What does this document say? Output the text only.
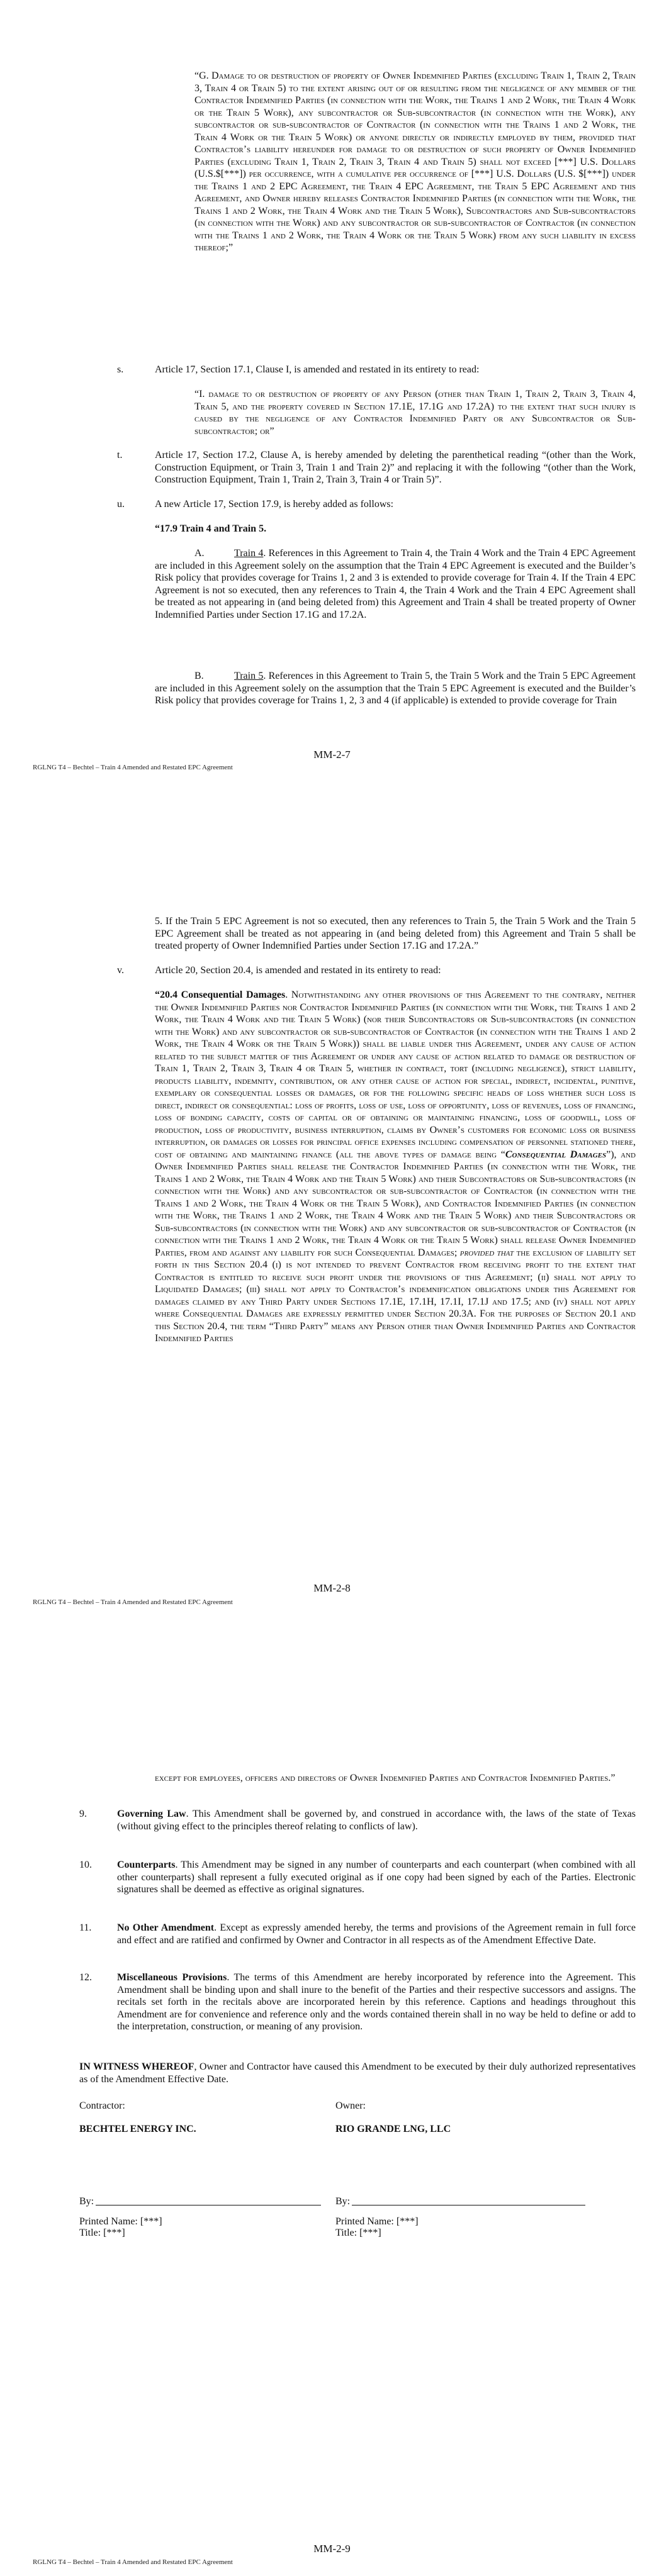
“G. Damage to or destruction of property of Owner Indemnified Parties (excluding Train 1, Train 2, Train 3, Train 4 or Train 5) to the extent arising out of or resulting from the negligence of any member of the Contractor Indemnified Parties (in connection with the Work, the Trains 1 and 2 Work, the Train 4 Work or the Train 5 Work), any subcontractor or Sub-subcontractor (in connection with the Work), any subcontractor or sub-subcontractor of Contractor (in connection with the Trains 1 and 2 Work, the Train 4 Work or the Train 5 Work) or anyone directly or indirectly employed by them, provided that Contractor’s liability hereunder for damage to or destruction of such property of Owner Indemnified Parties (excluding Train 1, Train 2, Train 3, Train 4 and Train 5) shall not exceed [***] U.S. Dollars (U.S.$[***]) per occurrence, with a cumulative per occurrence of [***] U.S. Dollars (U.S. $[***]) under the Trains 1 and 2 EPC Agreement, the Train 4 EPC Agreement, the Train 5 EPC Agreement and this Agreement, and Owner hereby releases Contractor Indemnified Parties (in connection with the Work, the Trains 1 and 2 Work, the Train 4 Work and the Train 5 Work), Subcontractors and Sub-subcontractors (in connection with the Work) and any subcontractor or sub-subcontractor of Contractor (in connection with the Trains 1 and 2 Work, the Train 4 Work or the Train 5 Work) from any such liability in excess thereof;”

s.	Article 17, Section 17.1, Clause I, is amended and restated in its entirety to read:

“I. damage to or destruction of property of any Person (other than Train 1, Train 2, Train 3, Train 4, Train 5, and the property covered in Section 17.1E, 17.1G and 17.2A) to the extent that such injury is caused by the negligence of any Contractor Indemnified Party or any Subcontractor or Sub-subcontractor; or”

t.	Article 17, Section 17.2, Clause A, is hereby amended by deleting the parenthetical reading “(other than the Work, Construction Equipment, or Train 3, Train 1 and Train 2)” and replacing it with the following “(other than the Work, Construction Equipment, Train 1, Train 2, Train 3, Train 4 or Train 5)”.

u.	A new Article 17, Section 17.9, is hereby added as follows:

“17.9 Train 4 and Train 5.

A.	Train 4. References in this Agreement to Train 4, the Train 4 Work and the Train 4 EPC Agreement are included in this Agreement solely on the assumption that the Train 4 EPC Agreement is executed and the Builder’s Risk policy that provides coverage for Trains 1, 2 and 3 is extended to provide coverage for Train 4. If the Train 4 EPC Agreement is not so executed, then any references to Train 4, the Train 4 Work and the Train 4 EPC Agreement shall be treated as not appearing in (and being deleted from) this Agreement and Train 4 shall be treated property of Owner Indemnified Parties under Section 17.1G and 17.2A.

B.	Train 5. References in this Agreement to Train 5, the Train 5 Work and the Train 5 EPC Agreement are included in this Agreement solely on the assumption that the Train 5 EPC Agreement is executed and the Builder’s Risk policy that provides coverage for Trains 1, 2, 3 and 4 (if applicable) is extended to provide coverage for Train

MM-2-7

RGLNG T4 – Bechtel – Train 4 Amended and Restated EPC Agreement

5. If the Train 5 EPC Agreement is not so executed, then any references to Train 5, the Train 5 Work and the Train 5 EPC Agreement shall be treated as not appearing in (and being deleted from) this Agreement and Train 5 shall be treated property of Owner Indemnified Parties under Section 17.1G and 17.2A.”

v.	Article 20, Section 20.4, is amended and restated in its entirety to read:

“20.4 Consequential Damages. Notwithstanding any other provisions of this Agreement to the contrary, neither the Owner Indemnified Parties nor Contractor Indemnified Parties (in connection with the Work, the Trains 1 and 2 Work, the Train 4 Work and the Train 5 Work) (nor their Subcontractors or Sub-subcontractors (in connection with the Work) and any subcontractor or sub-subcontractor of Contractor (in connection with the Trains 1 and 2 Work, the Train 4 Work or the Train 5 Work)) shall be liable under this Agreement, under any cause of action related to the subject matter of this Agreement or under any cause of action related to damage or destruction of Train 1, Train 2, Train 3, Train 4 or Train 5, whether in contract, tort (including negligence), strict liability, products liability, indemnity, contribution, or any other cause of action for special, indirect, incidental, punitive, exemplary or consequential losses or damages, or for the following specific heads of loss whether such loss is direct, indirect or consequential: loss of profits, loss of use, loss of opportunity, loss of revenues, loss of financing, loss of bonding capacity, costs of capital or of obtaining or maintaining financing, loss of goodwill, loss of production, loss of productivity, business interruption, claims by Owner’s customers for economic loss or business interruption, or damages or losses for principal office expenses including compensation of personnel stationed there, cost of obtaining and maintaining finance (all the above types of damage being “Consequential Damages”), and Owner Indemnified Parties shall release the Contractor Indemnified Parties (in connection with the Work, the Trains 1 and 2 Work, the Train 4 Work and the Train 5 Work) and their Subcontractors or Sub-subcontractors (in connection with the Work) and any subcontractor or sub-subcontractor of Contractor (in connection with the Trains 1 and 2 Work, the Train 4 Work or the Train 5 Work), and Contractor Indemnified Parties (in connection with the Work, the Trains 1 and 2 Work, the Train 4 Work and the Train 5 Work) and their Subcontractors or Sub-subcontractors (in connection with the Work) and any subcontractor or sub-subcontractor of Contractor (in connection with the Trains 1 and 2 Work, the Train 4 Work or the Train 5 Work) shall release Owner Indemnified Parties, from and against any liability for such Consequential Damages; provided that the exclusion of liability set forth in this Section 20.4 (i) is not intended to prevent Contractor from receiving profit to the extent that Contractor is entitled to receive such profit under the provisions of this Agreement; (ii) shall not apply to Liquidated Damages; (iii) shall not apply to Contractor’s indemnification obligations under this Agreement for damages claimed by any Third Party under Sections 17.1E, 17.1H, 17.1I, 17.1J and 17.5; and (iv) shall not apply where Consequential Damages are expressly permitted under Section 20.3A. For the purposes of Section 20.1 and this Section 20.4, the term “Third Party” means any Person other than Owner Indemnified Parties and Contractor Indemnified Parties

MM-2-8

RGLNG T4 – Bechtel – Train 4 Amended and Restated EPC Agreement

except for employees, officers and directors of Owner Indemnified Parties and Contractor Indemnified Parties.”

9.	Governing Law. This Amendment shall be governed by, and construed in accordance with, the laws of the state of Texas (without giving effect to the principles thereof relating to conflicts of law).

10.	Counterparts. This Amendment may be signed in any number of counterparts and each counterpart (when combined with all other counterparts) shall represent a fully executed original as if one copy had been signed by each of the Parties. Electronic signatures shall be deemed as effective as original signatures.

11.	No Other Amendment. Except as expressly amended hereby, the terms and provisions of the Agreement remain in full force and effect and are ratified and confirmed by Owner and Contractor in all respects as of the Amendment Effective Date.

12.	Miscellaneous Provisions. The terms of this Amendment are hereby incorporated by reference into the Agreement. This Amendment shall be binding upon and shall inure to the benefit of the Parties and their respective successors and assigns. The recitals set forth in the recitals above are incorporated herein by this reference. Captions and headings throughout this Amendment are for convenience and reference only and the words contained therein shall in no way be held to define or add to the interpretation, construction, or meaning of any provision.

IN WITNESS WHEREOF, Owner and Contractor have caused this Amendment to be executed by their duly authorized representatives as of the Amendment Effective Date.

Contractor:

BECHTEL ENERGY INC.

Owner:

RIO GRANDE LNG, LLC

By:

Printed Name: [***]

Title: [***]

By:

Printed Name: [***]

Title: [***]

MM-2-9

RGLNG T4 – Bechtel – Train 4 Amended and Restated EPC Agreement
